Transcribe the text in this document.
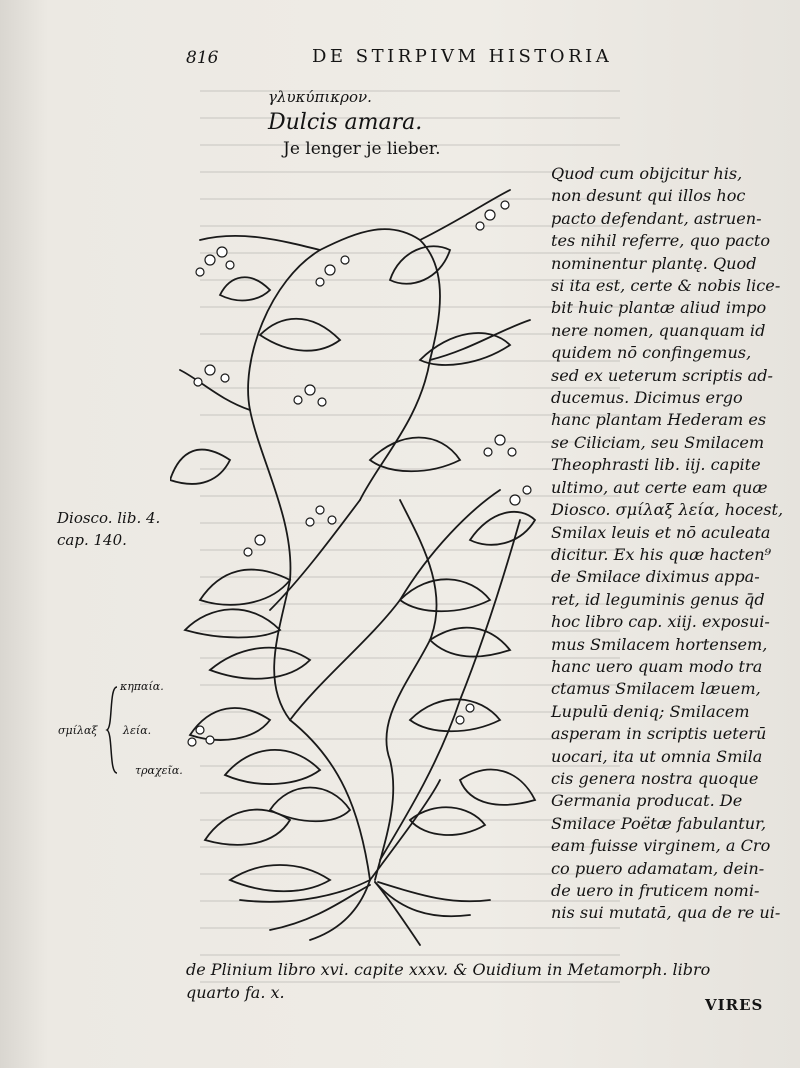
816	DE STIRPIVM HISTORIA
γλυκύπικρον.
Dulcis amara.
Je lenger je lieber.
Quod cum obijcitur his,
non desunt qui illos hoc
pacto defendant, astruen-
tes nihil referre, quo pacto
nominentur plantę. Quod
si ita est, certe & nobis lice-
bit huic plantæ aliud impo
nere nomen, quanquam id
quidem nō confingemus,
sed ex ueterum scriptis ad-
ducemus. Dicimus ergo
hanc plantam Hederam es
se Ciliciam, seu Smilacem
Theophrasti lib. iij. capite
ultimo, aut certe eam quæ
Diosco. σμίλαξ λεία, hocest,
Smilax leuis et nō aculeata
dicitur. Ex his quæ hacten⁹
de Smilace diximus appa-
ret, id leguminis genus q̄d
hoc libro cap. xiij. exposui-
mus Smilacem hortensem,
hanc uero quam modo tra
ctamus Smilacem læuem,
Lupulū deniq; Smilacem
asperam in scriptis ueterū
uocari, ita ut omnia Smila
cis genera nostra quoque
Germania producat. De
Smilace Poëtæ fabulantur,
eam fuisse virginem, a Cro
co puero adamatam, dein-
de uero in fruticem nomi-
nis sui mutatā, qua de re ui-
de Plinium libro xvi. capite xxxv. & Ouidium in Metamorph. libro
quarto fa. x.
VIRES
Diosco. lib. 4.
cap. 140.
σμίλαξ
κηπαία.
λεία.
τραχεῖα.
